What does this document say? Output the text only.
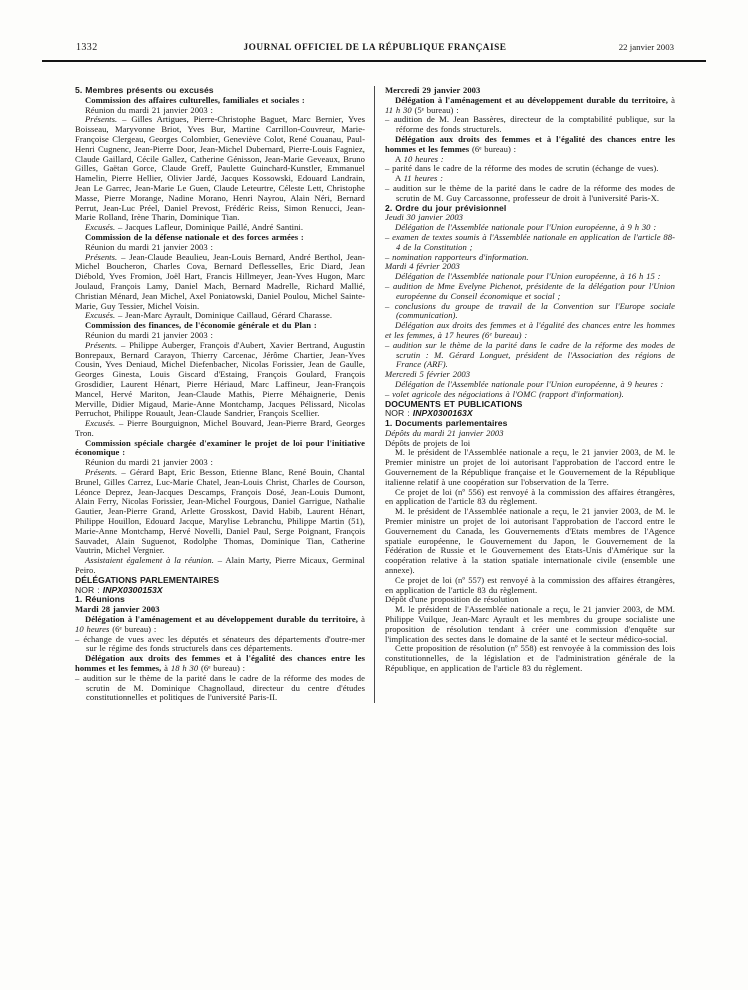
1332	JOURNAL OFFICIEL DE LA RÉPUBLIQUE FRANÇAISE	22 janvier 2003

5. Membres présents ou excusés

Commission des affaires culturelles, familiales et sociales :

Réunion du mardi 21 janvier 2003 :

Présents. – Gilles Artigues, Pierre-Christophe Baguet, Marc Bernier, Yves Boisseau, Maryvonne Briot, Yves Bur, Martine Carrillon-Couvreur, Marie-Françoise Clergeau, Georges Colombier, Geneviève Colot, René Couanau, Paul-Henri Cugnenc, Jean-Pierre Door, Jean-Michel Dubernard, Pierre-Louis Fagniez, Claude Gaillard, Cécile Gallez, Catherine Génisson, Jean-Marie Geveaux, Bruno Gilles, Gaëtan Gorce, Claude Greff, Paulette Guinchard-Kunstler, Emmanuel Hamelin, Pierre Hellier, Olivier Jardé, Jacques Kossowski, Edouard Landrain, Jean Le Garrec, Jean-Marie Le Guen, Claude Leteurtre, Céleste Lett, Christophe Masse, Pierre Morange, Nadine Morano, Henri Nayrou, Alain Néri, Bernard Perrut, Jean-Luc Préel, Daniel Prevost, Frédéric Reiss, Simon Renucci, Jean-Marie Rolland, Irène Tharin, Dominique Tian.

Excusés. – Jacques Lafleur, Dominique Paillé, André Santini.

Commission de la défense nationale et des forces armées :

Réunion du mardi 21 janvier 2003 :

Présents. – Jean-Claude Beaulieu, Jean-Louis Bernard, André Berthol, Jean-Michel Boucheron, Charles Cova, Bernard Deflesselles, Eric Diard, Jean Diébold, Yves Fromion, Joël Hart, Francis Hillmeyer, Jean-Yves Hugon, Marc Joulaud, François Lamy, Daniel Mach, Bernard Madrelle, Richard Mallié, Christian Ménard, Jean Michel, Axel Poniatowski, Daniel Poulou, Michel Sainte-Marie, Guy Tessier, Michel Voisin.

Excusés. – Jean-Marc Ayrault, Dominique Caillaud, Gérard Charasse.

Commission des finances, de l'économie générale et du Plan :

Réunion du mardi 21 janvier 2003 :

Présents. – Philippe Auberger, François d'Aubert, Xavier Bertrand, Augustin Bonrepaux, Bernard Carayon, Thierry Carcenac, Jérôme Chartier, Jean-Yves Cousin, Yves Deniaud, Michel Diefenbacher, Nicolas Forissier, Jean de Gaulle, Georges Ginesta, Louis Giscard d'Estaing, François Goulard, François Grosdidier, Laurent Hénart, Pierre Hériaud, Marc Laffineur, Jean-François Mancel, Hervé Mariton, Jean-Claude Mathis, Pierre Méhaignerie, Denis Merville, Didier Migaud, Marie-Anne Montchamp, Jacques Pélissard, Nicolas Perruchot, Philippe Rouault, Jean-Claude Sandrier, François Scellier.

Excusés. – Pierre Bourguignon, Michel Bouvard, Jean-Pierre Brard, Georges Tron.

Commission spéciale chargée d'examiner le projet de loi pour l'initiative économique :

Réunion du mardi 21 janvier 2003 :

Présents. – Gérard Bapt, Eric Besson, Etienne Blanc, René Bouin, Chantal Brunel, Gilles Carrez, Luc-Marie Chatel, Jean-Louis Christ, Charles de Courson, Léonce Deprez, Jean-Jacques Descamps, François Dosé, Jean-Louis Dumont, Alain Ferry, Nicolas Forissier, Jean-Michel Fourgous, Daniel Garrigue, Nathalie Gautier, Jean-Pierre Grand, Arlette Grosskost, David Habib, Laurent Hénart, Philippe Houillon, Edouard Jacque, Marylise Lebranchu, Philippe Martin (51), Marie-Anne Montchamp, Hervé Novelli, Daniel Paul, Serge Poignant, François Sauvadet, Alain Suguenot, Rodolphe Thomas, Dominique Tian, Catherine Vautrin, Michel Vergnier.

Assistaient également à la réunion. – Alain Marty, Pierre Micaux, Germinal Peiro.

DÉLÉGATIONS PARLEMENTAIRES

NOR : INPX0300153X

1. Réunions

Mardi 28 janvier 2003

Délégation à l'aménagement et au développement durable du territoire, à 10 heures (6ᵉ bureau) :

– échange de vues avec les députés et sénateurs des départements d'outre-mer sur le régime des fonds structurels dans ces départements.

Délégation aux droits des femmes et à l'égalité des chances entre les hommes et les femmes, à 18 h 30 (6ᵉ bureau) :

– audition sur le thème de la parité dans le cadre de la réforme des modes de scrutin de M. Dominique Chagnollaud, directeur du centre d'études constitutionnelles et politiques de l'université Paris-II.

Mercredi 29 janvier 2003

Délégation à l'aménagement et au développement durable du territoire, à 11 h 30 (5ᵉ bureau) :

– audition de M. Jean Bassères, directeur de la comptabilité publique, sur la réforme des fonds structurels.

Délégation aux droits des femmes et à l'égalité des chances entre les hommes et les femmes (6ᵉ bureau) :

A 10 heures :

– parité dans le cadre de la réforme des modes de scrutin (échange de vues).

A 11 heures :

– audition sur le thème de la parité dans le cadre de la réforme des modes de scrutin de M. Guy Carcassonne, professeur de droit à l'université Paris-X.

2. Ordre du jour prévisionnel

Jeudi 30 janvier 2003

Délégation de l'Assemblée nationale pour l'Union européenne, à 9 h 30 :

– examen de textes soumis à l'Assemblée nationale en application de l'article 88-4 de la Constitution ;

– nomination rapporteurs d'information.

Mardi 4 février 2003

Délégation de l'Assemblée nationale pour l'Union européenne, à 16 h 15 :

– audition de Mme Evelyne Pichenot, présidente de la délégation pour l'Union européenne du Conseil économique et social ;

– conclusions du groupe de travail de la Convention sur l'Europe sociale (communication).

Délégation aux droits des femmes et à l'égalité des chances entre les hommes et les femmes, à 17 heures (6ᵉ bureau) :

– audition sur le thème de la parité dans le cadre de la réforme des modes de scrutin : M. Gérard Longuet, président de l'Association des régions de France (ARF).

Mercredi 5 février 2003

Délégation de l'Assemblée nationale pour l'Union européenne, à 9 heures :

– volet agricole des négociations à l'OMC (rapport d'information).

DOCUMENTS ET PUBLICATIONS

NOR : INPX0300163X

1. Documents parlementaires

Dépôts du mardi 21 janvier 2003

Dépôts de projets de loi

M. le président de l'Assemblée nationale a reçu, le 21 janvier 2003, de M. le Premier ministre un projet de loi autorisant l'approbation de l'accord entre le Gouvernement de la République française et le Gouvernement de la République italienne relatif à une coopération sur l'observation de la Terre.

Ce projet de loi (nº 556) est renvoyé à la commission des affaires étrangères, en application de l'article 83 du règlement.

M. le président de l'Assemblée nationale a reçu, le 21 janvier 2003, de M. le Premier ministre un projet de loi autorisant l'approbation de l'accord entre le Gouvernement du Canada, les Gouvernements d'Etats membres de l'Agence spatiale européenne, le Gouvernement du Japon, le Gouvernement de la Fédération de Russie et le Gouvernement des Etats-Unis d'Amérique sur la coopération relative à la station spatiale internationale civile (ensemble une annexe).

Ce projet de loi (nº 557) est renvoyé à la commission des affaires étrangères, en application de l'article 83 du règlement.

Dépôt d'une proposition de résolution

M. le président de l'Assemblée nationale a reçu, le 21 janvier 2003, de MM. Philippe Vuilque, Jean-Marc Ayrault et les membres du groupe socialiste une proposition de résolution tendant à créer une commission d'enquête sur l'implication des sectes dans le domaine de la santé et le secteur médico-social.

Cette proposition de résolution (nº 558) est renvoyée à la commission des lois constitutionnelles, de la législation et de l'administration générale de la République, en application de l'article 83 du règlement.
